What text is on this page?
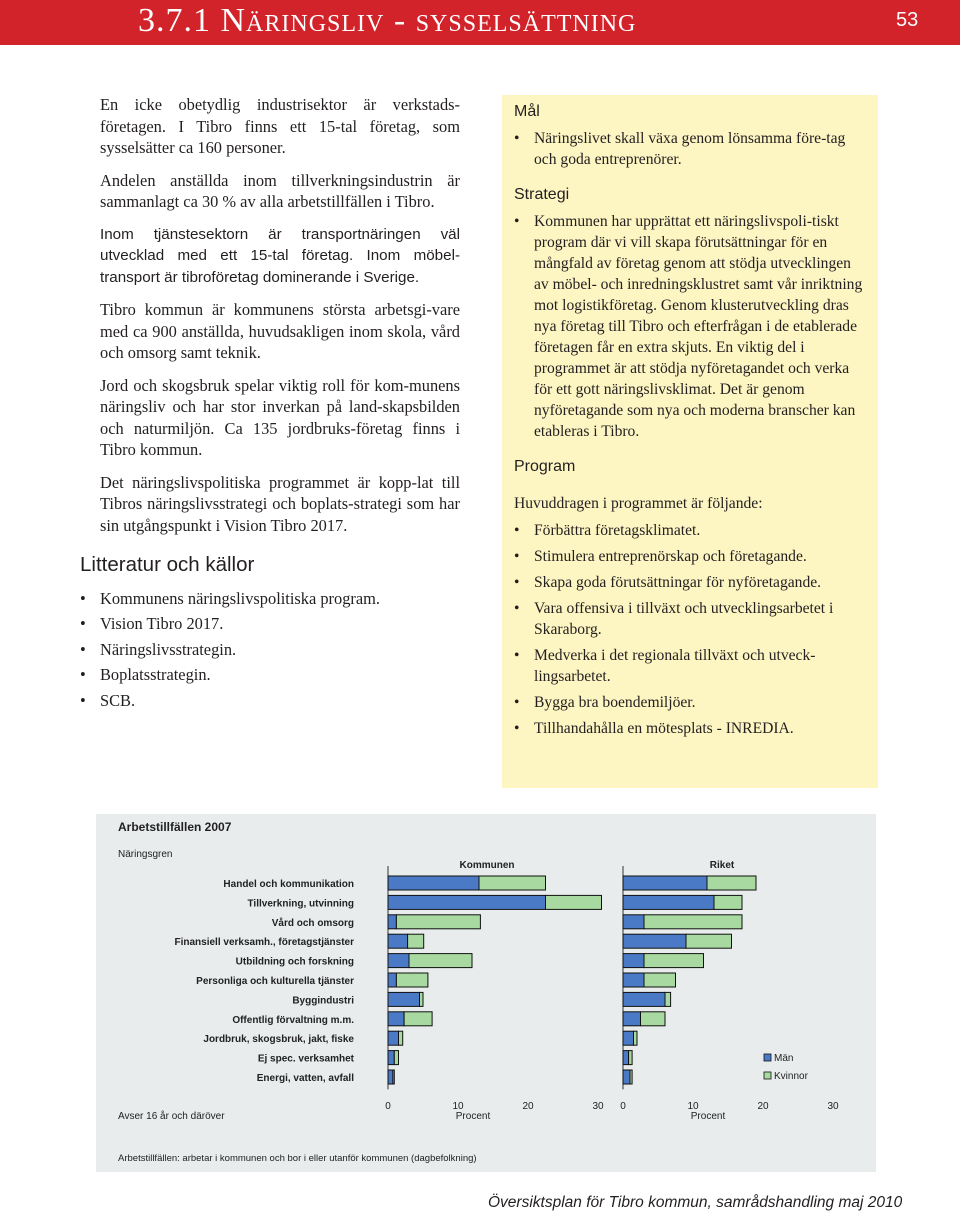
3.7.1 Näringsliv - sysselsättning	53

En icke obetydlig industrisektor är verkstads-företagen. I Tibro finns ett 15-tal företag, som sysselsätter ca 160 personer.

Andelen anställda inom tillverkningsindustrin är sammanlagt ca 30 % av alla arbetstillfällen i Tibro.

Inom tjänstesektorn är transportnäringen väl utvecklad med ett 15-tal företag. Inom möbel-transport är tibroföretag dominerande i Sverige.

Tibro kommun är kommunens största arbetsgi-vare med ca 900 anställda, huvudsakligen inom skola, vård och omsorg samt teknik.

Jord och skogsbruk spelar viktig roll för kom-munens näringsliv och har stor inverkan på land-skapsbilden och naturmiljön. Ca 135 jordbruks-företag finns i Tibro kommun.

Det näringslivspolitiska programmet är kopp-lat till Tibros näringslivsstrategi och boplats-strategi som har sin utgångspunkt i Vision Tibro 2017.

Litteratur och källor
• Kommunens näringslivspolitiska program.
• Vision Tibro 2017.
• Näringslivsstrategin.
• Boplatsstrategin.
• SCB.
Mål
• Näringslivet skall växa genom lönsamma före-tag och goda entreprenörer.
Strategi
• Kommunen har upprättat ett näringslivspoli-tiskt program där vi vill skapa förutsättningar för en mångfald av företag genom att stödja utvecklingen av möbel- och inredningsklustret samt vår inriktning mot logistikföretag. Genom klusterutveckling dras nya företag till Tibro och efterfrågan i de etablerade företagen får en extra skjuts. En viktig del i programmet är att stödja nyföretagandet och verka för ett gott näringslivsklimat. Det är genom nyföretagande som nya och moderna branscher kan etableras i Tibro.
Program

Huvuddragen i programmet är följande:

• Förbättra företagsklimatet.
• Stimulera entreprenörskap och företagande.
• Skapa goda förutsättningar för nyföretagande.
• Vara offensiva i tillväxt och utvecklingsarbetet i Skaraborg.
• Medverka i det regionala tillväxt och utveck-lingsarbetet.
• Bygga bra boendemiljöer.
• Tillhandahålla en mötesplats - INREDIA.
Arbetstillfällen 2007
Näringsgren
Avser 16 år och däröver
Arbetstillfällen: arbetar i kommunen och bor i eller utanför kommunen (dagbefolkning)
Handel och kommunikation
Tillverkning, utvinning
Vård och omsorg
Finansiell verksamh., företagstjänster
Utbildning och forskning
Personliga och kulturella tjänster
Byggindustri
Offentlig förvaltning m.m.
Jordbruk, skogsbruk, jakt, fiske
Ej spec. verksamhet
Energi, vatten, avfall
Kommunen
0	10	20	30
Procent
Riket
0	10	20	30
Procent
Män
Kvinnor
Översiktsplan för Tibro kommun, samrådshandling maj 2010
